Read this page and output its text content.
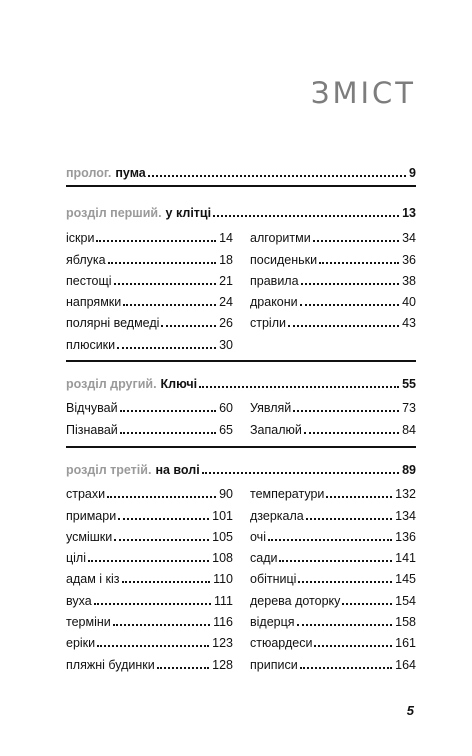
ЗМІСТ
пролог. пума	9
розділ перший. у клітці	13
іскри	14
яблука	18
пестощі	21
напрямки	24
полярні ведмеді	26
плюсики	30
алгоритми	34
посиденьки	36
правила	38
дракони	40
стріли	43
розділ другий. Ключі	55
Відчувай	60
Пізнавай	65
Уявляй	73
Запалюй	84
розділ третій. на волі	89
страхи	90
примари	101
усмішки	105
цілі	108
адам і кіз	110
вуха	111
терміни	116
еріки	123
пляжні будинки	128
температури	132
дзеркала	134
очі	136
сади	141
обітниці	145
дерева доторку	154
відерця	158
стюардеси	161
приписи	164
5
